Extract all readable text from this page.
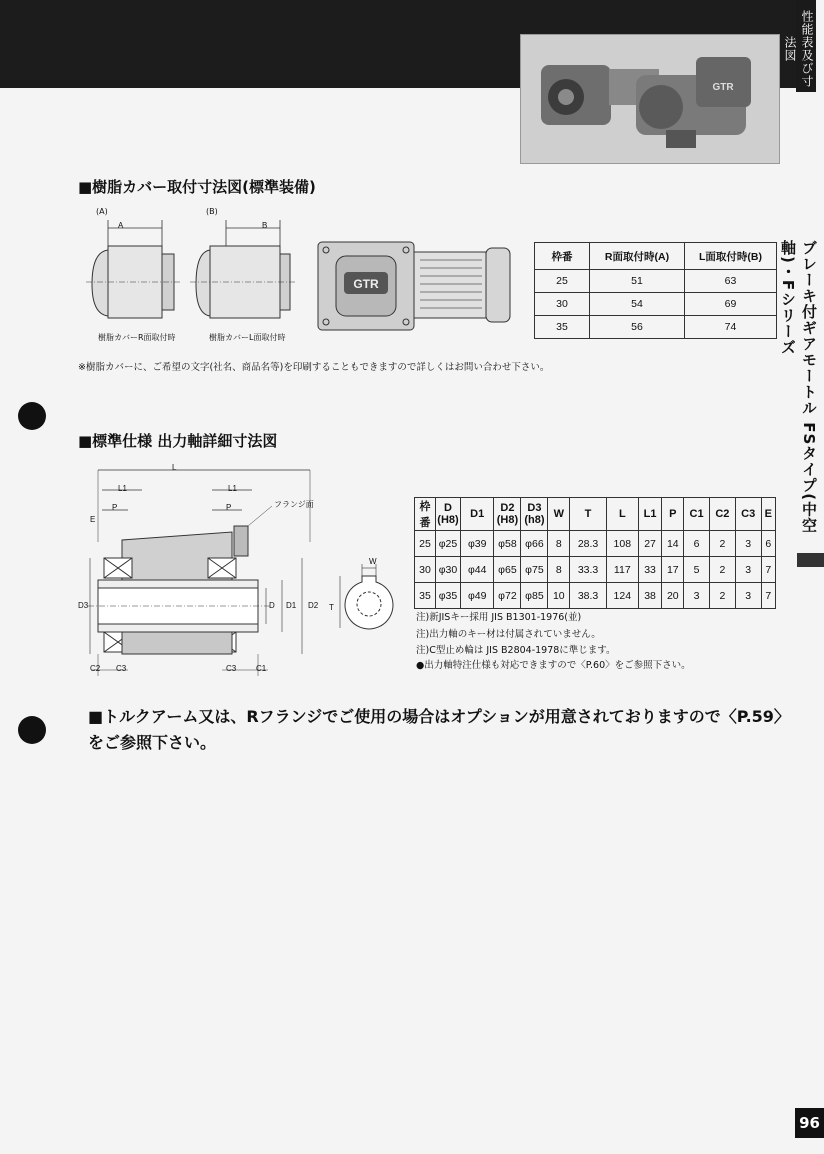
性能表及び寸法図
ブレーキ付ギアモートル FSタイプ(中空軸)・Fシリーズ
GTR
■樹脂カバー取付寸法図(標準装備)
(A)	(B)
A	B
樹脂カバーR面取付時	樹脂カバーL面取付時
GTR
枠番	R面取付時(A)	L面取付時(B)
25	51	63
30	54	69
35	56	74
※樹脂カバーに、ご希望の文字(社名、商品名等)を印刷することもできますので詳しくはお問い合わせ下さい。
■標準仕様 出力軸詳細寸法図
L
L1	L1
P	P
E
フランジ面
D3	D D1 D2
C2 C3	C3 C1
W
T
枠番	D (H8)	D1	D2 (H8)	D3 (h8)	W	T	L	L1	P	C1	C2	C3	E
25	φ25	φ39	φ58	φ66	8	28.3	108	27	14	6	2	3	6
30	φ30	φ44	φ65	φ75	8	33.3	117	33	17	5	2	3	7
35	φ35	φ49	φ72	φ85	10	38.3	124	38	20	3	2	3	7
注)新JISキー採用 JIS B1301-1976(並)
注)出力軸のキー材は付属されていません。
注)C型止め輪は JIS B2804-1978に準じます。
●出力軸特注仕様も対応できますので〈P.60〉をご参照下さい。
■トルクアーム又は、Rフランジでご使用の場合はオプションが用意されておりますので〈P.59〉
をご参照下さい。
96
